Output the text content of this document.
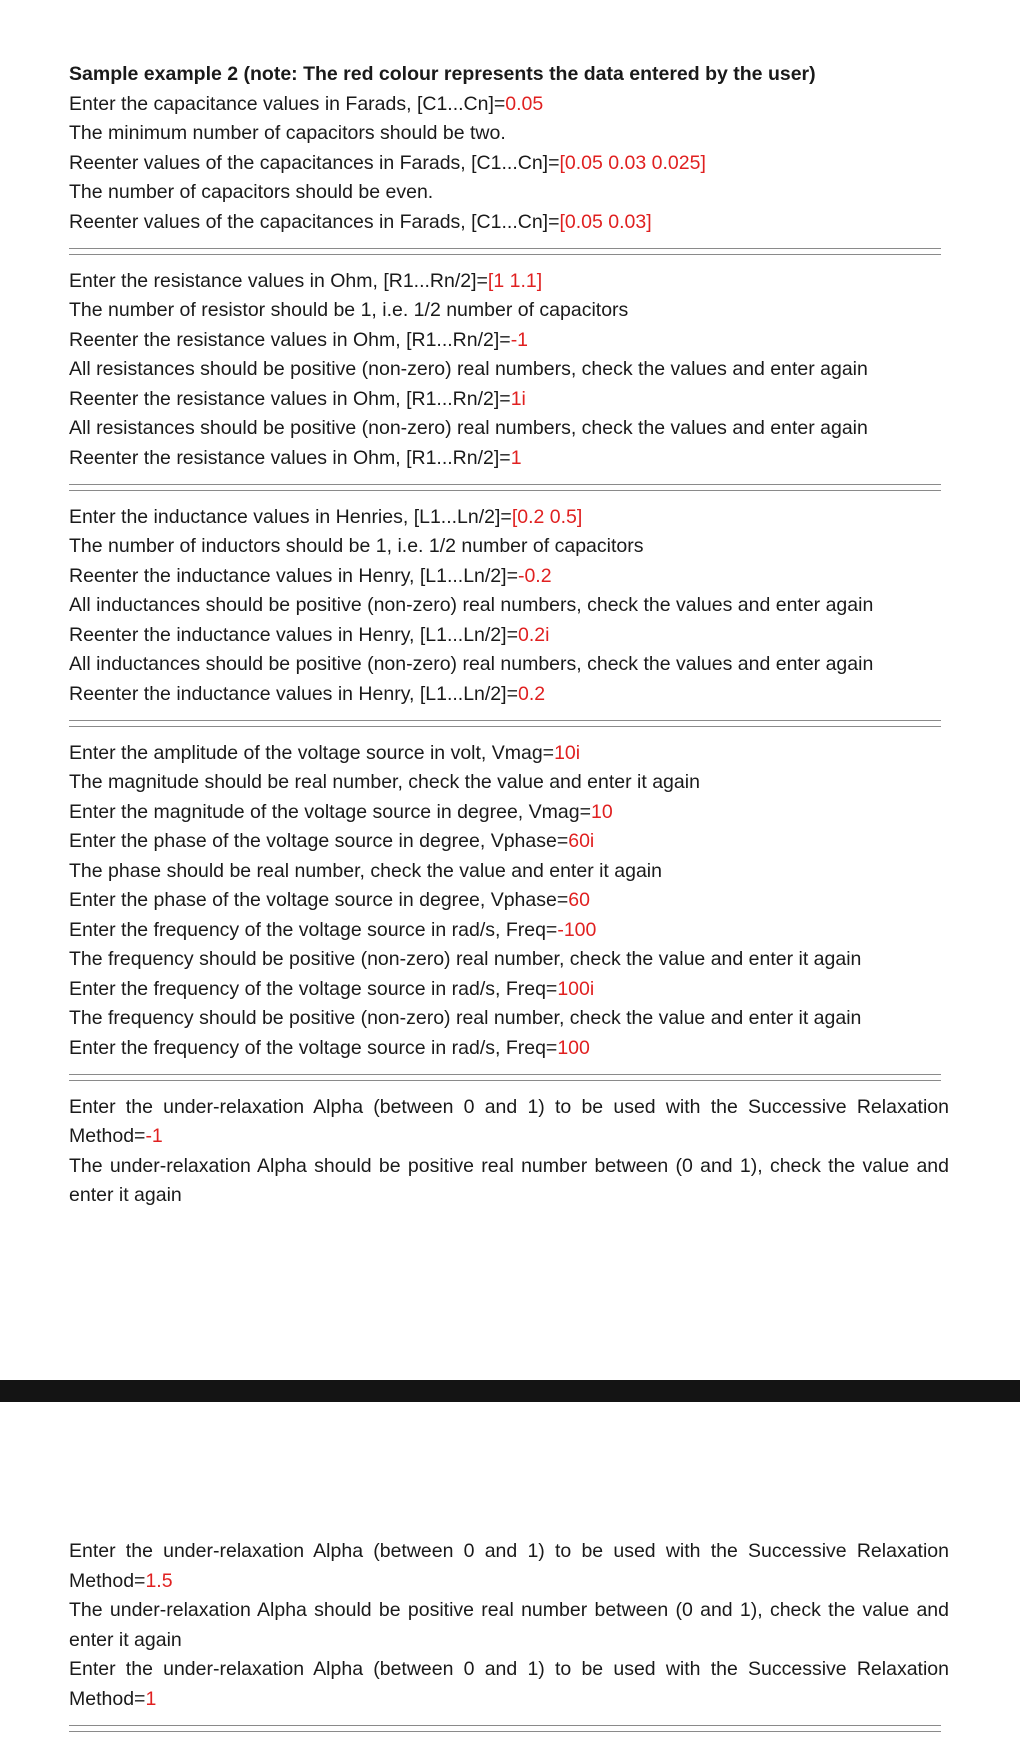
Sample example 2 (note: The red colour represents the data entered by the user)
Enter the capacitance values in Farads, [C1...Cn]=0.05
The minimum number of capacitors should be two.
Reenter values of the capacitances in Farads, [C1...Cn]=[0.05 0.03 0.025]
The number of capacitors should be even.
Reenter values of the capacitances in Farads, [C1...Cn]=[0.05 0.03]
Enter the resistance values in Ohm, [R1...Rn/2]=[1 1.1]
The number of resistor should be 1, i.e. 1/2 number of capacitors
Reenter the resistance values in Ohm, [R1...Rn/2]=-1
All resistances should be positive (non-zero) real numbers, check the values and enter again
Reenter the resistance values in Ohm, [R1...Rn/2]=1i
All resistances should be positive (non-zero) real numbers, check the values and enter again
Reenter the resistance values in Ohm, [R1...Rn/2]=1
Enter the inductance values in Henries, [L1...Ln/2]=[0.2 0.5]
The number of inductors should be 1, i.e. 1/2 number of capacitors
Reenter the inductance values in Henry, [L1...Ln/2]=-0.2
All inductances should be positive (non-zero) real numbers, check the values and enter again
Reenter the inductance values in Henry, [L1...Ln/2]=0.2i
All inductances should be positive (non-zero) real numbers, check the values and enter again
Reenter the inductance values in Henry, [L1...Ln/2]=0.2
Enter the amplitude of the voltage source in volt, Vmag=10i
The magnitude should be real number, check the value and enter it again
Enter the magnitude of the voltage source in degree, Vmag=10
Enter the phase of the voltage source in degree, Vphase=60i
The phase should be real number, check the value and enter it again
Enter the phase of the voltage source in degree, Vphase=60
Enter the frequency of the voltage source in rad/s, Freq=-100
The frequency should be positive (non-zero) real number, check the value and enter it again
Enter the frequency of the voltage source in rad/s, Freq=100i
The frequency should be positive (non-zero) real number, check the value and enter it again
Enter the frequency of the voltage source in rad/s, Freq=100
Enter the under-relaxation Alpha (between 0 and 1) to be used with the Successive Relaxation Method=-1
The under-relaxation Alpha should be positive real number between (0 and 1), check the value and enter it again
Enter the under-relaxation Alpha (between 0 and 1) to be used with the Successive Relaxation Method=1.5
The under-relaxation Alpha should be positive real number between (0 and 1), check the value and enter it again
Enter the under-relaxation Alpha (between 0 and 1) to be used with the Successive Relaxation Method=1
